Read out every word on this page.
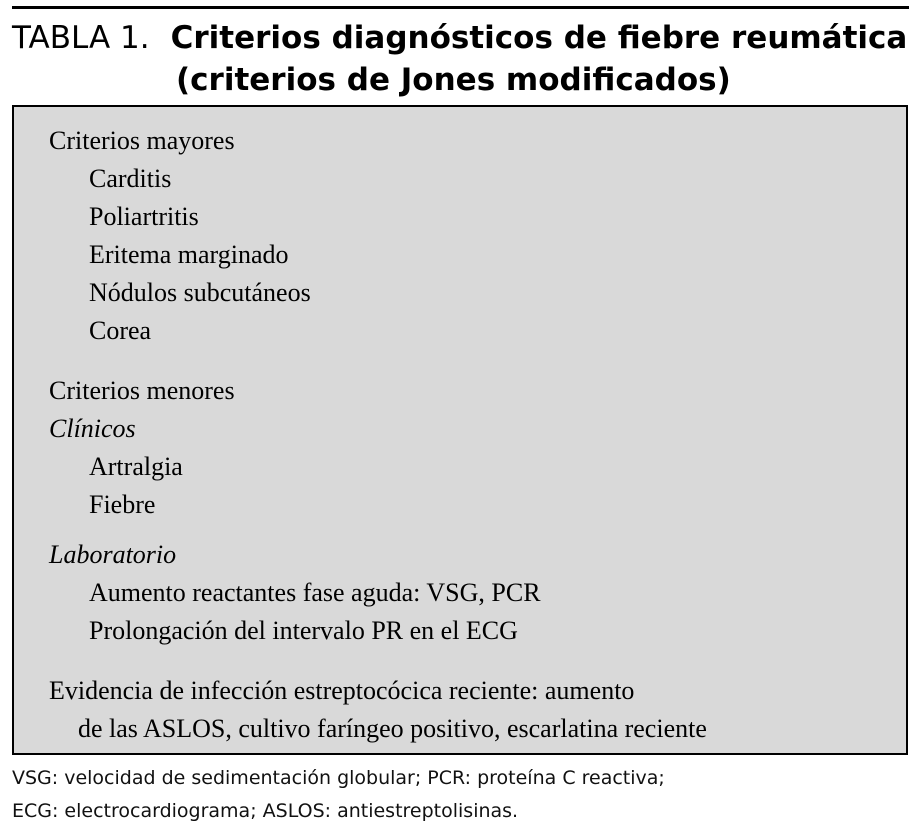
TABLA 1. Criterios diagnósticos de fiebre reumática
(criterios de Jones modificados)
Criterios mayores
Carditis
Poliartritis
Eritema marginado
Nódulos subcutáneos
Corea
Criterios menores
Clínicos
Artralgia
Fiebre
Laboratorio
Aumento reactantes fase aguda: VSG, PCR
Prolongación del intervalo PR en el ECG
Evidencia de infección estreptocócica reciente: aumento
de las ASLOS, cultivo faríngeo positivo, escarlatina reciente
VSG: velocidad de sedimentación globular; PCR: proteína C reactiva;
ECG: electrocardiograma; ASLOS: antiestreptolisinas.
